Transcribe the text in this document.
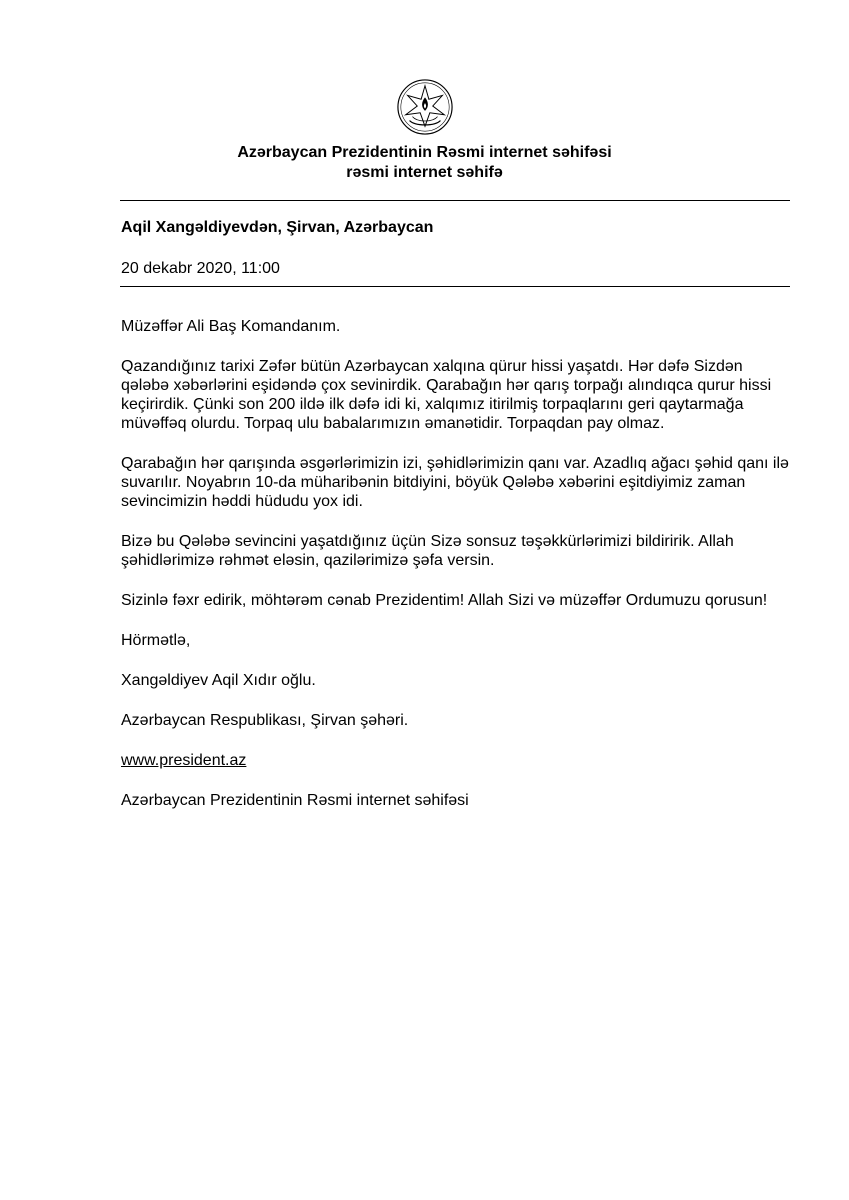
Azərbaycan Prezidentinin Rəsmi internet səhifəsi
rəsmi internet səhifə
Aqil Xangəldiyevdən, Şirvan, Azərbaycan
20 dekabr 2020, 11:00

Müzəffər Ali Baş Komandanım.

Qazandığınız tarixi Zəfər bütün Azərbaycan xalqına qürur hissi yaşatdı. Hər dəfə Sizdən qələbə xəbərlərini eşidəndə çox sevinirdik. Qarabağın hər qarış torpağı alındıqca qurur hissi keçirirdik. Çünki son 200 ildə ilk dəfə idi ki, xalqımız itirilmiş torpaqlarını geri qaytarmağa müvəffəq olurdu. Torpaq ulu babalarımızın əmanətidir. Torpaqdan pay olmaz.

Qarabağın hər qarışında əsgərlərimizin izi, şəhidlərimizin qanı var. Azadlıq ağacı şəhid qanı ilə suvarılır. Noyabrın 10-da müharibənin bitdiyini, böyük Qələbə xəbərini eşitdiyimiz zaman sevincimizin həddi hüdudu yox idi.

Bizə bu Qələbə sevincini yaşatdığınız üçün Sizə sonsuz təşəkkürlərimizi bildiririk. Allah şəhidlərimizə rəhmət eləsin, qazilərimizə şəfa versin.

Sizinlə fəxr edirik, möhtərəm cənab Prezidentim! Allah Sizi və müzəffər Ordumuzu qorusun!

Hörmətlə,

Xangəldiyev Aqil Xıdır oğlu.

Azərbaycan Respublikası, Şirvan şəhəri.

www.president.az

Azərbaycan Prezidentinin Rəsmi internet səhifəsi
